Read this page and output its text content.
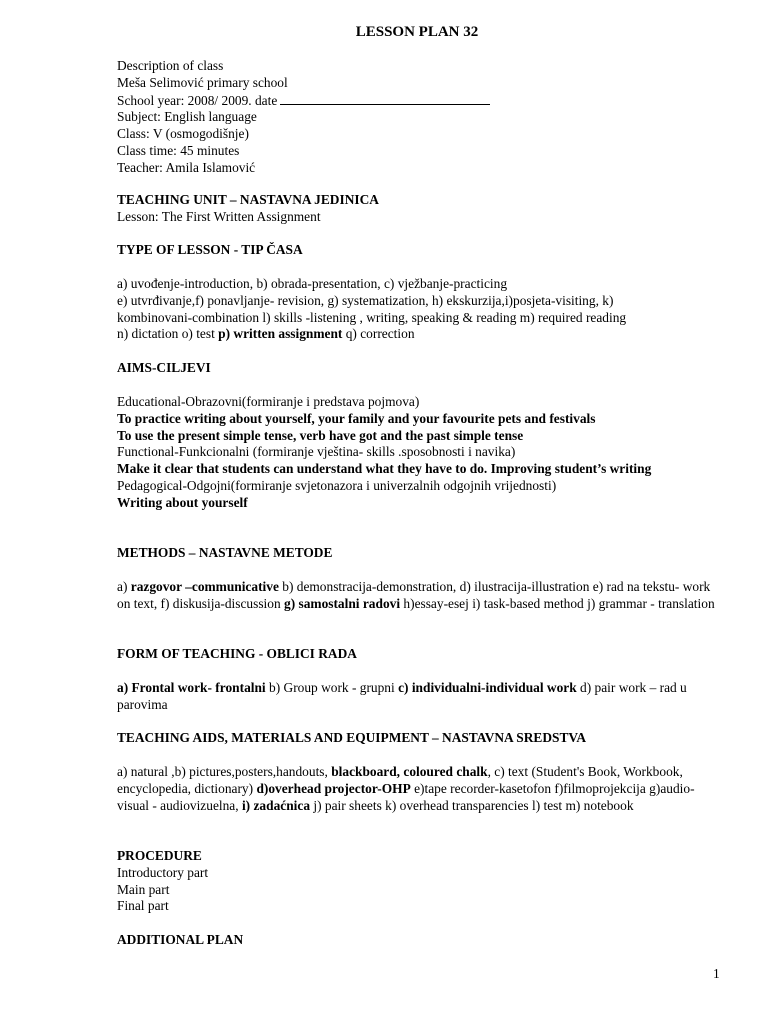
LESSON PLAN 32
Description of class
Meša Selimović primary school
School year: 2008/ 2009. date
Subject: English language
Class: V (osmogodišnje)
Class time: 45 minutes
Teacher: Amila Islamović
TEACHING UNIT – NASTAVNA JEDINICA
Lesson: The First Written Assignment
TYPE OF LESSON - TIP ČASA
a) uvođenje-introduction, b) obrada-presentation, c) vježbanje-practicing
e) utvrđivanje,f) ponavljanje- revision, g) systematization, h) ekskurzija,i)posjeta-visiting, k)
kombinovani-combination l) skills -listening , writing, speaking & reading m) required reading
n) dictation o) test p) written assignment q) correction
AIMS-CILJEVI
Educational-Obrazovni(formiranje i predstava pojmova)
To practice writing about yourself, your family and your favourite pets and festivals
To use the present simple tense, verb have got and the past simple tense
Functional-Funkcionalni (formiranje vještina- skills .sposobnosti i navika)
Make it clear that students can understand what they have to do. Improving student’s writing
Pedagogical-Odgojni(formiranje svjetonazora i univerzalnih odgojnih vrijednosti)
Writing about yourself
METHODS – NASTAVNE METODE
a) razgovor –communicative b) demonstracija-demonstration, d) ilustracija-illustration e) rad na tekstu- work on text, f) diskusija-discussion g) samostalni radovi h)essay-esej i) task-based method j) grammar - translation
FORM OF TEACHING - OBLICI RADA
a) Frontal work- frontalni b) Group work - grupni c) individualni-individual work d) pair work – rad u parovima
TEACHING AIDS, MATERIALS AND EQUIPMENT – NASTAVNA SREDSTVA
a) natural ,b) pictures,posters,handouts, blackboard, coloured chalk, c) text (Student's Book, Workbook, encyclopedia, dictionary) d)overhead projector-OHP e)tape recorder-kasetofon f)filmoprojekcija g)audio-visual - audiovizuelna, i) zadaćnica j) pair sheets k) overhead transparencies l) test m) notebook
PROCEDURE
Introductory part
Main part
Final part
ADDITIONAL PLAN
1
